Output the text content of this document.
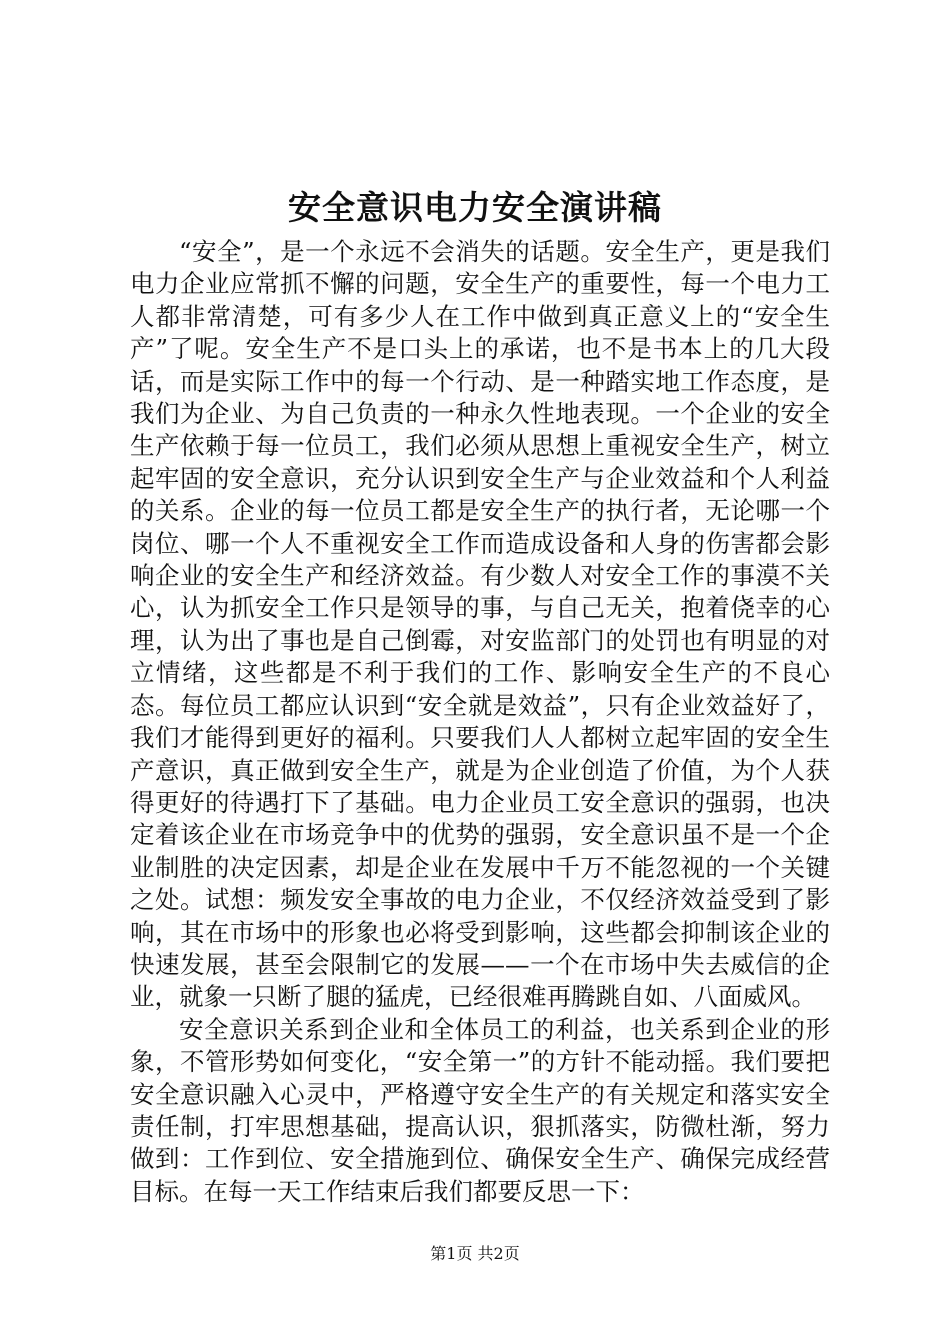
安全意识电力安全演讲稿

“安全”，是一个永远不会消失的话题。安全生产，更是我们电力企业应常抓不懈的问题，安全生产的重要性，每一个电力工人都非常清楚，可有多少人在工作中做到真正意义上的“安全生产”了呢。安全生产不是口头上的承诺，也不是书本上的几大段话，而是实际工作中的每一个行动、是一种踏实地工作态度，是我们为企业、为自己负责的一种永久性地表现。一个企业的安全生产依赖于每一位员工，我们必须从思想上重视安全生产，树立起牢固的安全意识，充分认识到安全生产与企业效益和个人利益的关系。企业的每一位员工都是安全生产的执行者，无论哪一个岗位、哪一个人不重视安全工作而造成设备和人身的伤害都会影响企业的安全生产和经济效益。有少数人对安全工作的事漠不关心，认为抓安全工作只是领导的事，与自己无关，抱着侥幸的心理，认为出了事也是自己倒霉，对安监部门的处罚也有明显的对立情绪，这些都是不利于我们的工作、影响安全生产的不良心态。每位员工都应认识到“安全就是效益”，只有企业效益好了，我们才能得到更好的福利。只要我们人人都树立起牢固的安全生产意识，真正做到安全生产，就是为企业创造了价值，为个人获得更好的待遇打下了基础。电力企业员工安全意识的强弱，也决定着该企业在市场竞争中的优势的强弱，安全意识虽不是一个企业制胜的决定因素，却是企业在发展中千万不能忽视的一个关键之处。试想：频发安全事故的电力企业，不仅经济效益受到了影响，其在市场中的形象也必将受到影响，这些都会抑制该企业的快速发展，甚至会限制它的发展——一个在市场中失去威信的企业，就象一只断了腿的猛虎，已经很难再腾跳自如、八面威风。

安全意识关系到企业和全体员工的利益，也关系到企业的形象，不管形势如何变化，“安全第一”的方针不能动摇。我们要把安全意识融入心灵中，严格遵守安全生产的有关规定和落实安全责任制，打牢思想基础，提高认识，狠抓落实，防微杜渐，努力做到：工作到位、安全措施到位、确保安全生产、确保完成经营目标。在每一天工作结束后我们都要反思一下：

第1页 共2页
